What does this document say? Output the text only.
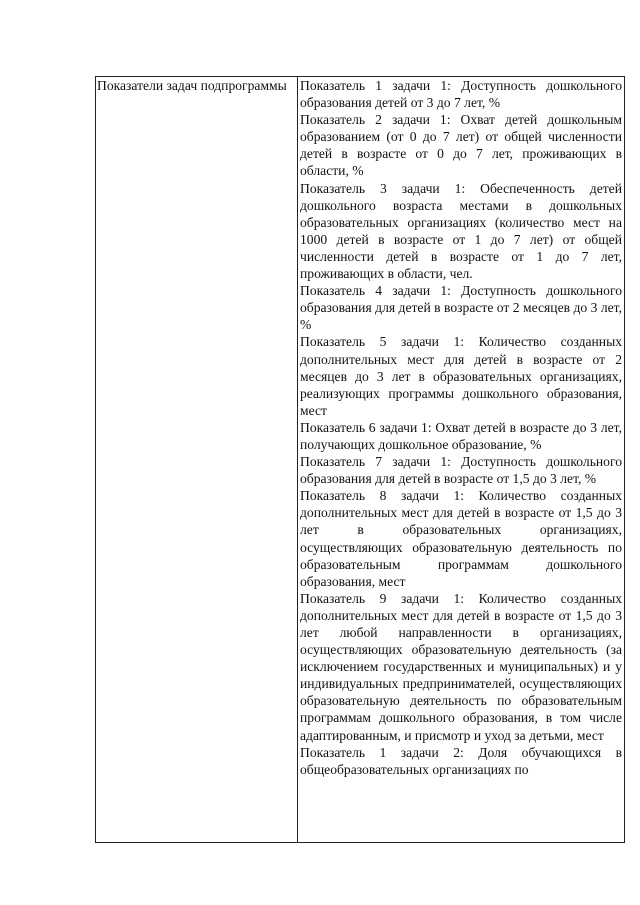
Показатели задач подпрограммы	Показатель 1 задачи 1: Доступность дошкольного образования детей от 3 до 7 лет, %

Показатель 2 задачи 1: Охват детей дошкольным образованием (от 0 до 7 лет) от общей численности детей в возрасте от 0 до 7 лет, проживающих в области, %

Показатель 3 задачи 1: Обеспеченность детей дошкольного возраста местами в дошкольных образовательных организациях (количество мест на 1000 детей в возрасте от 1 до 7 лет) от общей численности детей в возрасте от 1 до 7 лет, проживающих в области, чел.

Показатель 4 задачи 1: Доступность дошкольного образования для детей в возрасте от 2 месяцев до 3 лет, %

Показатель 5 задачи 1: Количество созданных дополнительных мест для детей в возрасте от 2 месяцев до 3 лет в образовательных организациях, реализующих программы дошкольного образования, мест

Показатель 6 задачи 1: Охват детей в возрасте до 3 лет, получающих дошкольное образование, %

Показатель 7 задачи 1: Доступность дошкольного образования для детей в возрасте от 1,5 до 3 лет, %

Показатель 8 задачи 1: Количество созданных дополнительных мест для детей в возрасте от 1,5 до 3 лет в образовательных организациях, осуществляющих образовательную деятельность по образовательным программам дошкольного образования, мест

Показатель 9 задачи 1: Количество созданных дополнительных мест для детей в возрасте от 1,5 до 3 лет любой направленности в организациях, осуществляющих образовательную деятельность (за исключением государственных и муниципальных) и у индивидуальных предпринимателей, осуществляющих образовательную деятельность по образовательным программам дошкольного образования, в том числе адаптированным, и присмотр и уход за детьми, мест

Показатель 1 задачи 2: Доля обучающихся в общеобразовательных организациях по
